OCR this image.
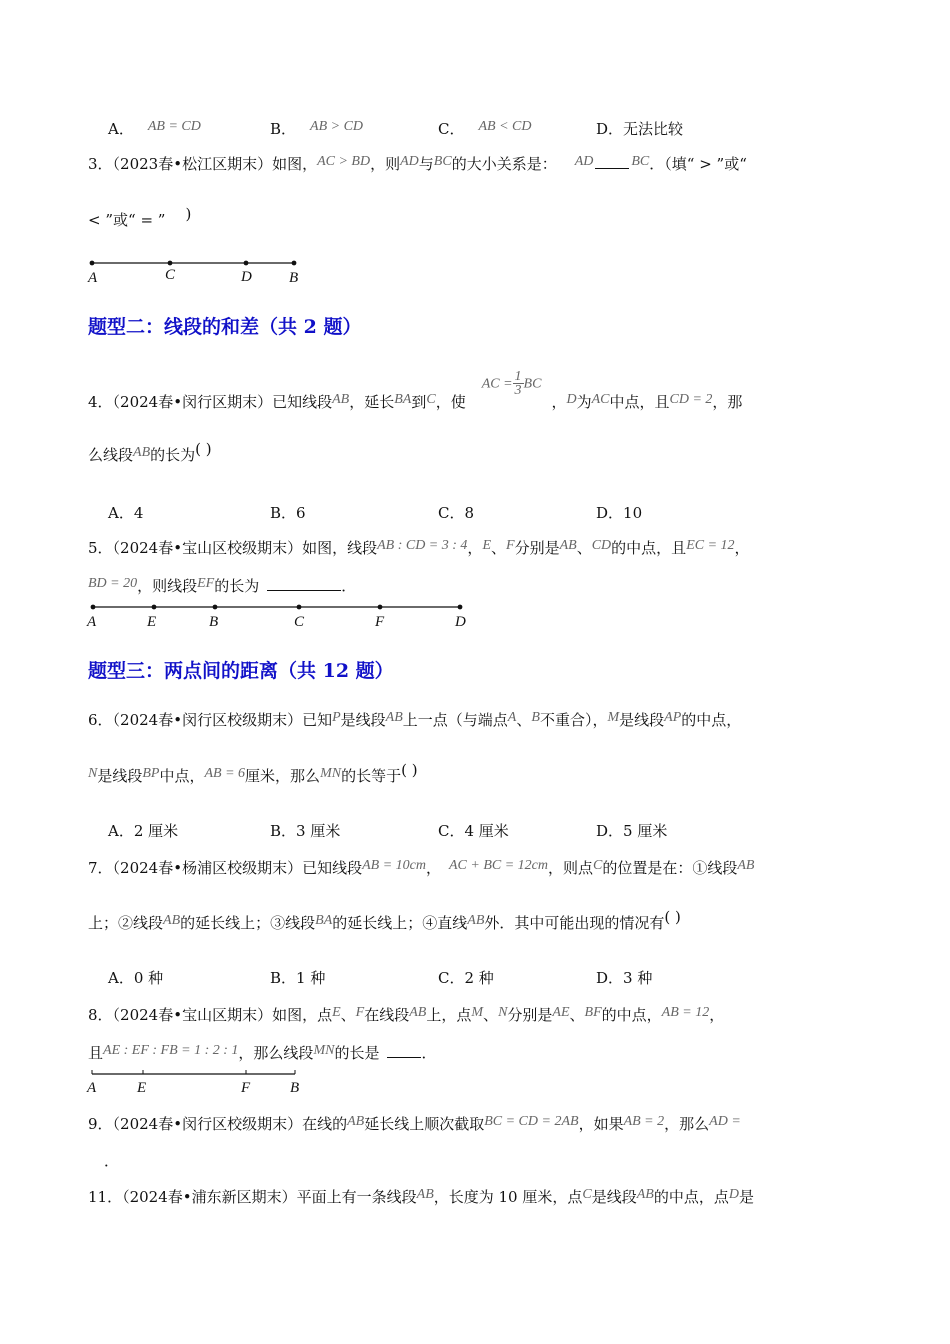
A． AB = CD	B． AB > CD	C． AB < CD	D．无法比较
3．（2023春•松江区期末）如图，AC > BD，则AD与BC的大小关系是： AD	BC．（填“ > ”或“
< ”或“ = ” )
A	C	D B
题型二：线段的和差（共 2 题）
4．（2024春•闵行区期末）已知线段AB，延长BA到C，使AC = $\frac{1}{3}$ BC，D为AC中点，且CD = 2，那
么线段AB的长为( )
A．4	B．6	C．8	D．10
5．（2024春•宝山区校级期末）如图，线段AB : CD = 3 : 4，E、F分别是AB、CD的中点，且EC = 12，
BD = 20，则线段EF的长为	．
A	E	B	C	F	D
题型三：两点间的距离（共 12 题）
6．（2024春•闵行区校级期末）已知P是线段AB上一点（与端点A、B不重合），M是线段AP的中点，
N是线段BP中点，AB = 6厘米，那么MN的长等于( )
A．2 厘米	B．3 厘米	C．4 厘米	D．5 厘米
7．（2024春•杨浦区校级期末）已知线段AB = 10cm， AC + BC = 12cm，则点C的位置是在：①线段AB
上；②线段AB的延长线上；③线段BA的延长线上；④直线AB外．其中可能出现的情况有( )
A．0 种	B．1 种	C．2 种	D．3 种
8．（2024春•宝山区期末）如图，点E、F在线段AB上，点M、N分别是AE、BF的中点，AB = 12，
且AE : EF : FB = 1 : 2 : 1，那么线段MN的长是	．
A	E	F	B
9．（2024春•闵行区校级期末）在线的AB延长线上顺次截取BC = CD = 2AB，如果AB = 2，那么AD =
．
11．（2024春•浦东新区期末）平面上有一条线段AB，长度为 10 厘米，点C是线段AB的中点，点D是
